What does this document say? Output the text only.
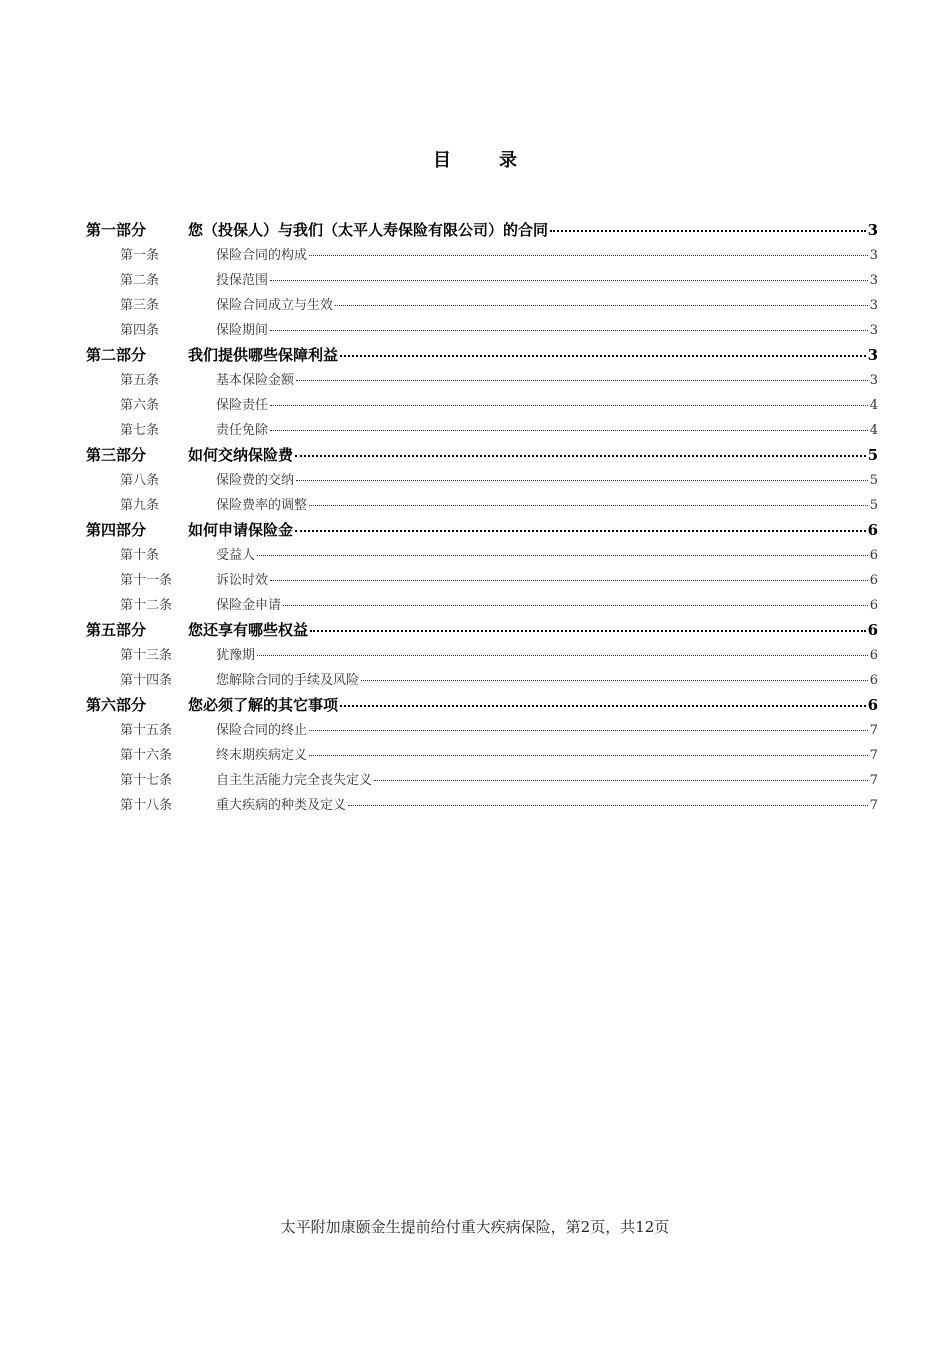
目	录
第一部分	您（投保人）与我们（太平人寿保险有限公司）的合同	3
第一条	保险合同的构成	3
第二条	投保范围	3
第三条	保险合同成立与生效	3
第四条	保险期间	3
第二部分	我们提供哪些保障利益	3
第五条	基本保险金额	3
第六条	保险责任	4
第七条	责任免除	4
第三部分	如何交纳保险费	5
第八条	保险费的交纳	5
第九条	保险费率的调整	5
第四部分	如何申请保险金	6
第十条	受益人	6
第十一条	诉讼时效	6
第十二条	保险金申请	6
第五部分	您还享有哪些权益	6
第十三条	犹豫期	6
第十四条	您解除合同的手续及风险	6
第六部分	您必须了解的其它事项	6
第十五条	保险合同的终止	7
第十六条	终末期疾病定义	7
第十七条	自主生活能力完全丧失定义	7
第十八条	重大疾病的种类及定义	7
太平附加康颐金生提前给付重大疾病保险，第2页，共12页
